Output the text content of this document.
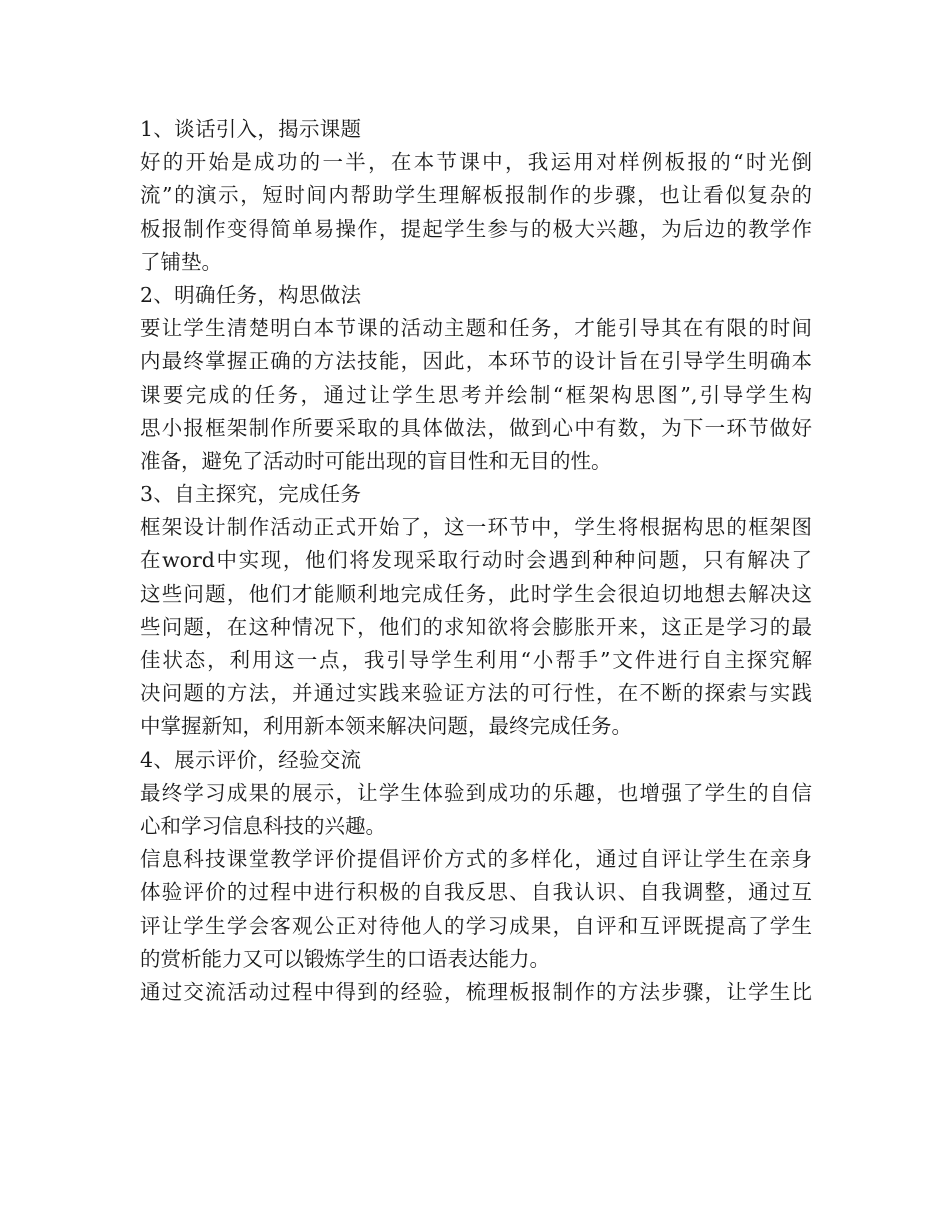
1、谈话引入，揭示课题
好的开始是成功的一半，在本节课中，我运用对样例板报的“时光倒
流”的演示，短时间内帮助学生理解板报制作的步骤，也让看似复杂的
板报制作变得简单易操作，提起学生参与的极大兴趣，为后边的教学作
了铺垫。
2、明确任务，构思做法
要让学生清楚明白本节课的活动主题和任务，才能引导其在有限的时间
内最终掌握正确的方法技能，因此，本环节的设计旨在引导学生明确本
课要完成的任务，通过让学生思考并绘制“框架构思图”,引导学生构
思小报框架制作所要采取的具体做法，做到心中有数，为下一环节做好
准备，避免了活动时可能出现的盲目性和无目的性。
3、自主探究，完成任务
框架设计制作活动正式开始了，这一环节中，学生将根据构思的框架图
在word中实现，他们将发现采取行动时会遇到种种问题，只有解决了
这些问题，他们才能顺利地完成任务，此时学生会很迫切地想去解决这
些问题，在这种情况下，他们的求知欲将会膨胀开来，这正是学习的最
佳状态，利用这一点，我引导学生利用“小帮手”文件进行自主探究解
决问题的方法，并通过实践来验证方法的可行性，在不断的探索与实践
中掌握新知，利用新本领来解决问题，最终完成任务。
4、展示评价，经验交流
最终学习成果的展示，让学生体验到成功的乐趣，也增强了学生的自信
心和学习信息科技的兴趣。
信息科技课堂教学评价提倡评价方式的多样化，通过自评让学生在亲身
体验评价的过程中进行积极的自我反思、自我认识、自我调整，通过互
评让学生学会客观公正对待他人的学习成果，自评和互评既提高了学生
的赏析能力又可以锻炼学生的口语表达能力。
通过交流活动过程中得到的经验，梳理板报制作的方法步骤，让学生比
